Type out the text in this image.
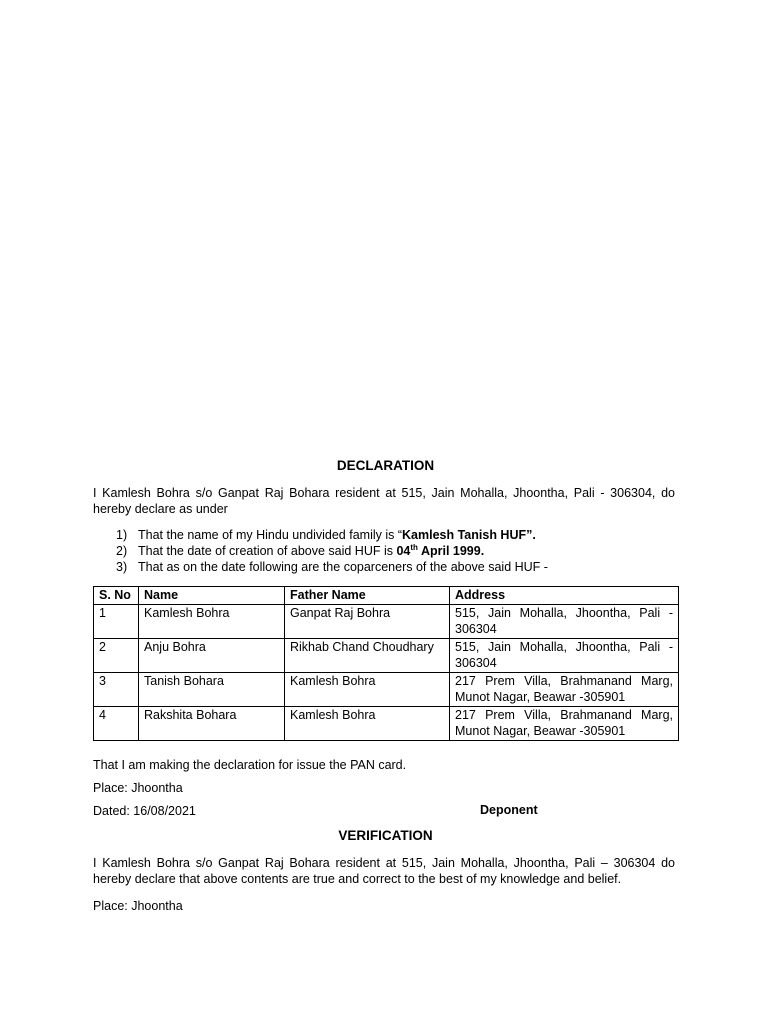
DECLARATION
I Kamlesh Bohra s/o Ganpat Raj Bohara resident at 515, Jain Mohalla, Jhoontha, Pali - 306304, do hereby declare as under
1) That the name of my Hindu undivided family is “Kamlesh Tanish HUF”.
2) That the date of creation of above said HUF is 04th April 1999.
3) That as on the date following are the coparceners of the above said HUF -
S. No	Name	Father Name	Address
1	Kamlesh Bohra	Ganpat Raj Bohra	515, Jain Mohalla, Jhoontha, Pali - 306304
2	Anju Bohra	Rikhab Chand Choudhary	515, Jain Mohalla, Jhoontha, Pali - 306304
3	Tanish Bohara	Kamlesh Bohra	217 Prem Villa, Brahmanand Marg, Munot Nagar, Beawar -305901
4	Rakshita Bohara	Kamlesh Bohra	217 Prem Villa, Brahmanand Marg, Munot Nagar, Beawar -305901
That I am making the declaration for issue the PAN card.
Place: Jhoontha
Dated: 16/08/2021	Deponent
VERIFICATION
I Kamlesh Bohra s/o Ganpat Raj Bohara resident at 515, Jain Mohalla, Jhoontha, Pali – 306304 do hereby declare that above contents are true and correct to the best of my knowledge and belief.
Place: Jhoontha
